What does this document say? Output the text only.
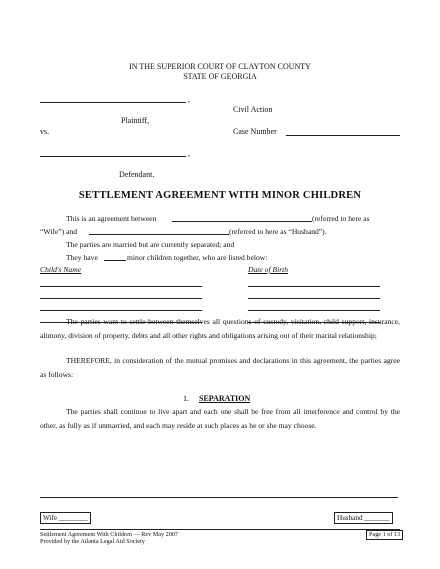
IN THE SUPERIOR COURT OF CLAYTON COUNTY
STATE OF GEORGIA
,
Plaintiff,
vs.
,
Defendant.
Civil Action
Case Number
SETTLEMENT AGREEMENT WITH MINOR CHILDREN
This is an agreement between	(referred to here as
“Wife”) and	(referred to here as “Husband”).
The parties are married but are currently separated; and
They have	minor children together, who are listed below:
Child's Name	Date of Birth
The parties want to settle between themselves all questions of custody, visitation, child support, insurance, alimony, division of property, debts and all other rights and obligations arising out of their marital relationship;
THEREFORE, in consideration of the mutual promises and declarations in this agreement, the parties agree as follows:
1. SEPARATION
The parties shall continue to live apart and each one shall be free from all interference and control by the other, as fully as if unmarried, and each may reside at such places as he or she may choose.
Wife ________	Husband _______
Settlement Agreement With Children — Rev May 2007
Provided by the Atlanta Legal Aid Society
Page 1 of 13
